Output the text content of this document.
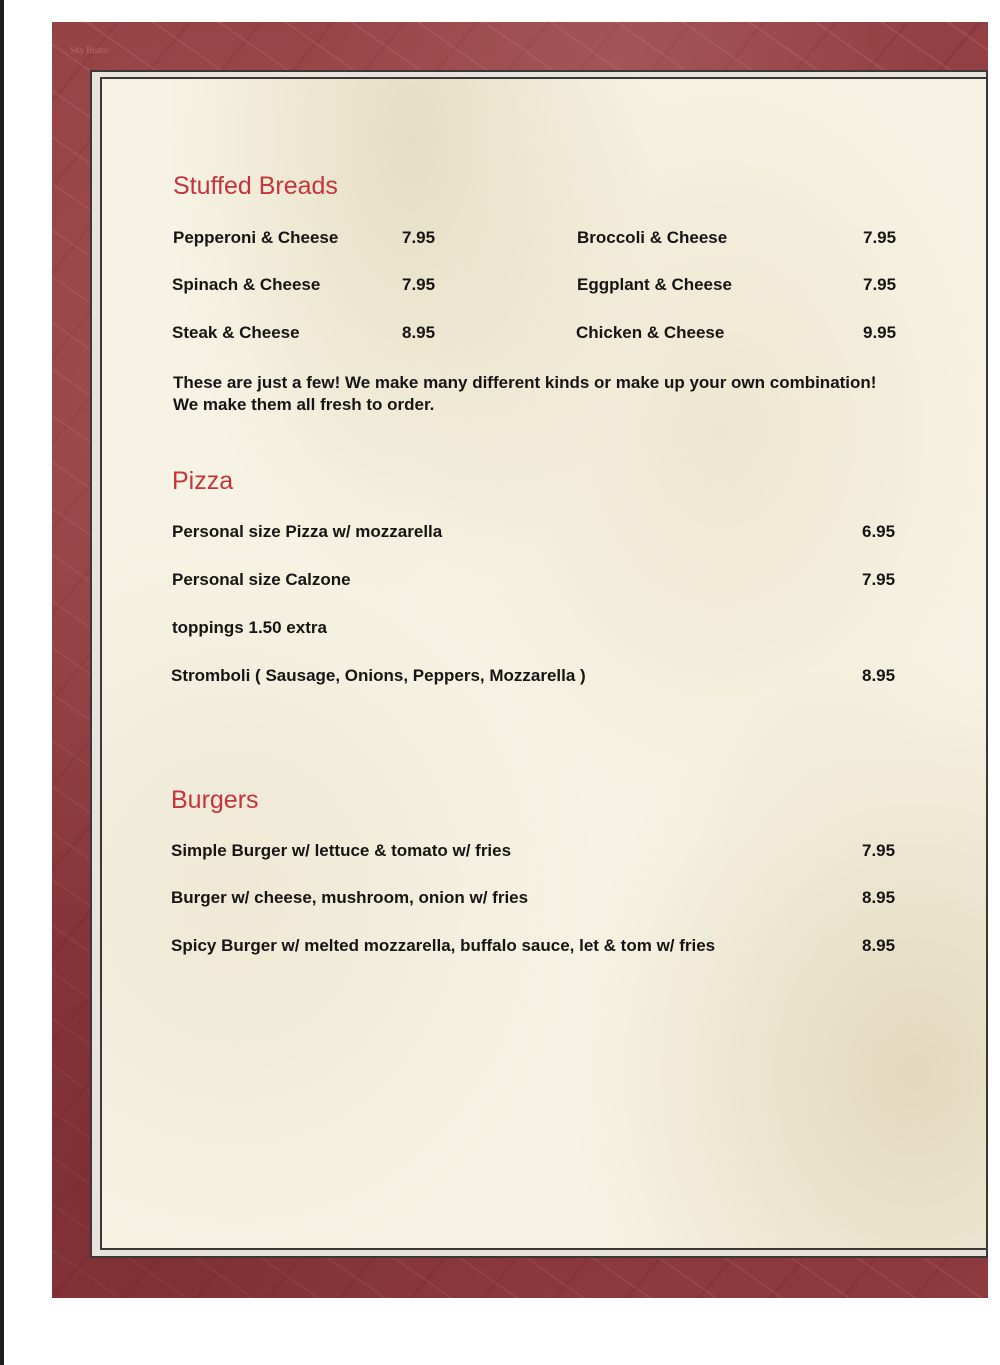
Sky Bistro
Stuffed Breads
Pepperoni & Cheese	7.95	Broccoli & Cheese	7.95
Spinach & Cheese	7.95	Eggplant & Cheese	7.95
Steak & Cheese	8.95	Chicken & Cheese	9.95

These are just a few! We make many different kinds or make up your own combination! We make them all fresh to order.

Pizza
Personal size Pizza w/ mozzarella	6.95
Personal size Calzone	7.95
toppings 1.50 extra
Stromboli ( Sausage, Onions, Peppers, Mozzarella )	8.95
Burgers
Simple Burger w/ lettuce & tomato w/ fries	7.95
Burger w/ cheese, mushroom, onion w/ fries	8.95
Spicy Burger w/ melted mozzarella, buffalo sauce, let & tom w/ fries	8.95
